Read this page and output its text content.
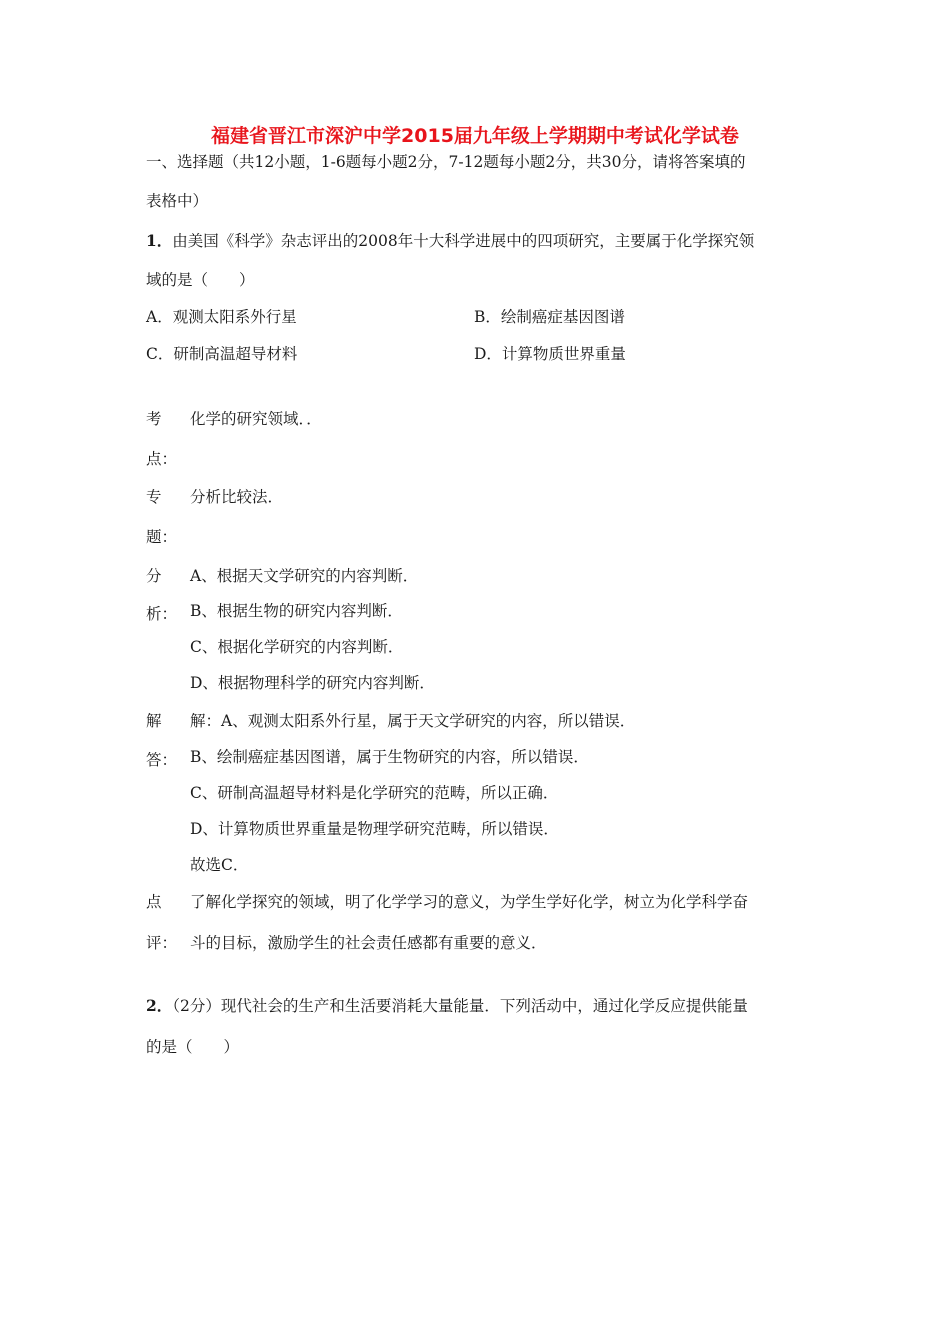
福建省晋江市深沪中学2015届九年级上学期期中考试化学试卷
一、选择题（共12小题，1-6题每小题2分，7-12题每小题2分，共30分，请将答案填的
表格中）
1．由美国《科学》杂志评出的2008年十大科学进展中的四项研究，主要属于化学探究领
域的是（　　）
A．观测太阳系外行星	B．绘制癌症基因图谱
C．研制高温超导材料	D．计算物质世界重量
考
点：
化学的研究领域．．
专
题：
分析比较法．
分
析：
A、根据天文学研究的内容判断．
B、根据生物的研究内容判断．
C、根据化学研究的内容判断．
D、根据物理科学的研究内容判断．
解
答：
解：A、观测太阳系外行星，属于天文学研究的内容，所以错误．
B、绘制癌症基因图谱，属于生物研究的内容，所以错误．
C、研制高温超导材料是化学研究的范畴，所以正确．
D、计算物质世界重量是物理学研究范畴，所以错误．
故选C．
点
评：
了解化学探究的领域，明了化学学习的意义，为学生学好化学，树立为化学科学奋
斗的目标，激励学生的社会责任感都有重要的意义．
2．（2分）现代社会的生产和生活要消耗大量能量．下列活动中，通过化学反应提供能量
的是（　　）
